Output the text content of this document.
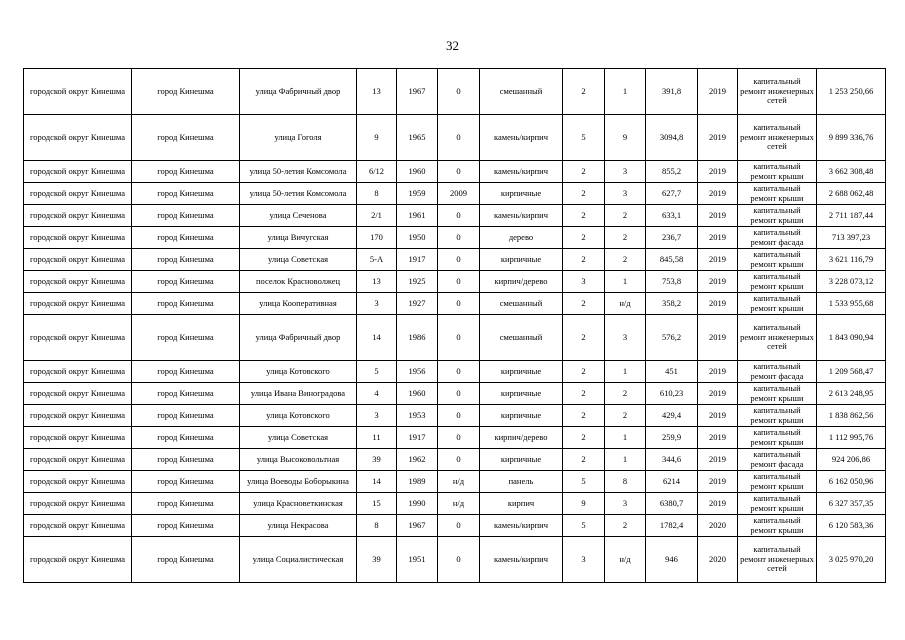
32
городской округ Кинешма	город Кинешма	улица Фабричный двор	13	1967	0	смешанный	2	1	391,8	2019	капитальный ремонт инженерных сетей	1 253 250,66
городской округ Кинешма	город Кинешма	улица Гоголя	9	1965	0	камень/кирпич	5	9	3094,8	2019	капитальный ремонт инженерных сетей	9 899 336,76
городской округ Кинешма	город Кинешма	улица 50-летия Комсомола	6/12	1960	0	камень/кирпич	2	3	855,2	2019	капитальный ремонт крыши	3 662 308,48
городской округ Кинешма	город Кинешма	улица 50-летия Комсомола	8	1959	2009	кирпичные	2	3	627,7	2019	капитальный ремонт крыши	2 688 062,48
городской округ Кинешма	город Кинешма	улица Сеченова	2/1	1961	0	камень/кирпич	2	2	633,1	2019	капитальный ремонт крыши	2 711 187,44
городской округ Кинешма	город Кинешма	улица Вичугская	170	1950	0	дерево	2	2	236,7	2019	капитальный ремонт фасада	713 397,23
городской округ Кинешма	город Кинешма	улица Советская	5-А	1917	0	кирпичные	2	2	845,58	2019	капитальный ремонт крыши	3 621 116,79
городской округ Кинешма	город Кинешма	поселок Красноволжец	13	1925	0	кирпич/дерево	3	1	753,8	2019	капитальный ремонт крыши	3 228 073,12
городской округ Кинешма	город Кинешма	улица Кооперативная	3	1927	0	смешанный	2	н/д	358,2	2019	капитальный ремонт крыши	1 533 955,68
городской округ Кинешма	город Кинешма	улица Фабричный двор	14	1986	0	смешанный	2	3	576,2	2019	капитальный ремонт инженерных сетей	1 843 090,94
городской округ Кинешма	город Кинешма	улица Котовского	5	1956	0	кирпичные	2	1	451	2019	капитальный ремонт фасада	1 209 568,47
городской округ Кинешма	город Кинешма	улица Ивана Виноградова	4	1960	0	кирпичные	2	2	610,23	2019	капитальный ремонт крыши	2 613 248,95
городской округ Кинешма	город Кинешма	улица Котовского	3	1953	0	кирпичные	2	2	429,4	2019	капитальный ремонт крыши	1 838 862,56
городской округ Кинешма	город Кинешма	улица Советская	11	1917	0	кирпич/дерево	2	1	259,9	2019	капитальный ремонт крыши	1 112 995,76
городской округ Кинешма	город Кинешма	улица Высоковольтная	39	1962	0	кирпичные	2	1	344,6	2019	капитальный ремонт фасада	924 206,86
городской округ Кинешма	город Кинешма	улица Воеводы Боборыкина	14	1989	н/д	панель	5	8	6214	2019	капитальный ремонт крыши	6 162 050,96
городской округ Кинешма	город Кинешма	улица Красноветкинская	15	1990	н/д	кирпич	9	3	6380,7	2019	капитальный ремонт крыши	6 327 357,35
городской округ Кинешма	город Кинешма	улица Некрасова	8	1967	0	камень/кирпич	5	2	1782,4	2020	капитальный ремонт крыши	6 120 583,36
городской округ Кинешма	город Кинешма	улица Социалистическая	39	1951	0	камень/кирпич	3	н/д	946	2020	капитальный ремонт инженерных сетей	3 025 970,20
